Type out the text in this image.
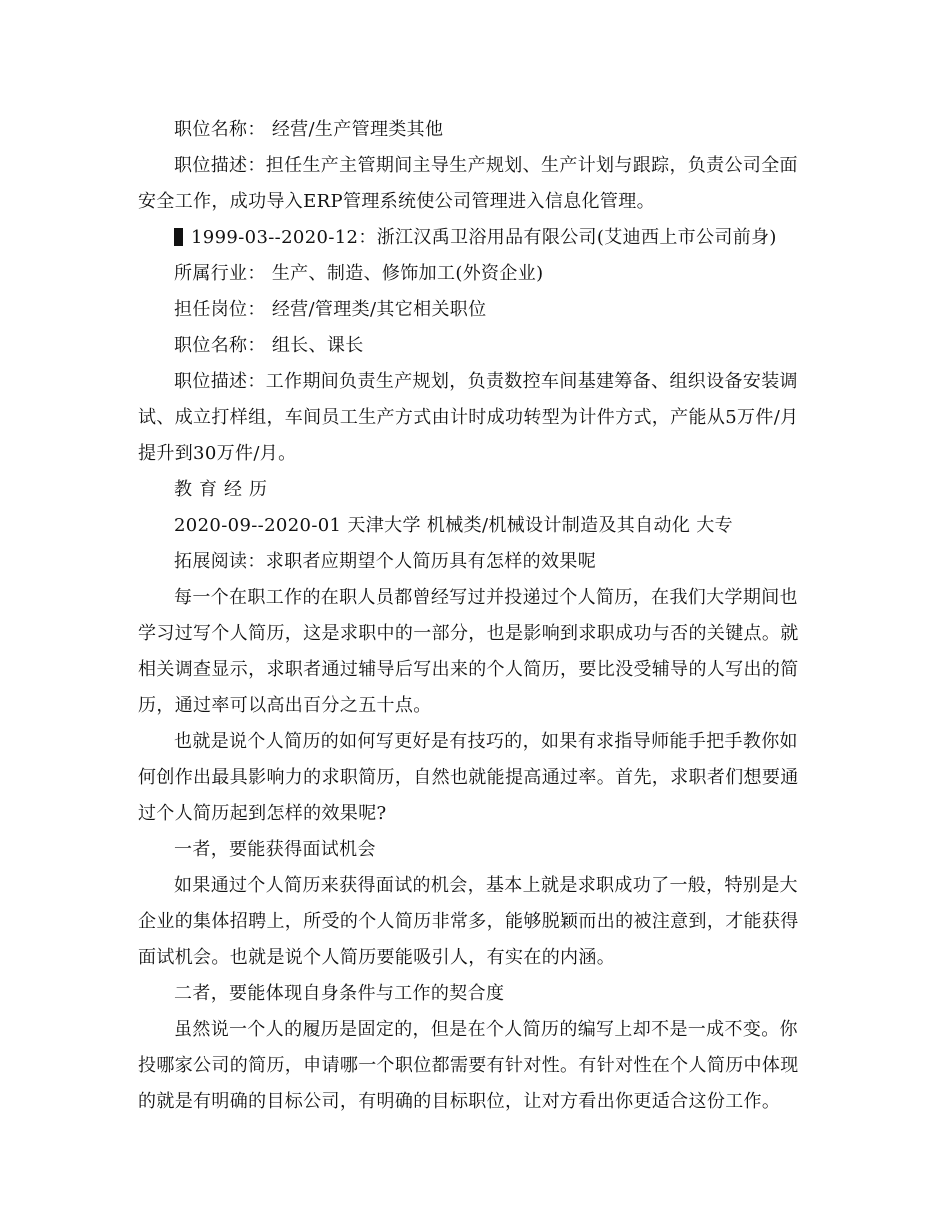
职位名称： 经营/生产管理类其他

职位描述：担任生产主管期间主导生产规划、生产计划与跟踪，负责公司全面安全工作，成功导入ERP管理系统使公司管理进入信息化管理。

1999-03--2020-12：浙江汉禹卫浴用品有限公司(艾迪西上市公司前身)

所属行业： 生产、制造、修饰加工(外资企业)

担任岗位： 经营/管理类/其它相关职位

职位名称： 组长、课长

职位描述：工作期间负责生产规划，负责数控车间基建筹备、组织设备安装调试、成立打样组，车间员工生产方式由计时成功转型为计件方式，产能从5万件/月提升到30万件/月。

教育经历

2020-09--2020-01 天津大学 机械类/机械设计制造及其自动化 大专

拓展阅读：求职者应期望个人简历具有怎样的效果呢

每一个在职工作的在职人员都曾经写过并投递过个人简历，在我们大学期间也学习过写个人简历，这是求职中的一部分，也是影响到求职成功与否的关键点。就相关调查显示，求职者通过辅导后写出来的个人简历，要比没受辅导的人写出的简历，通过率可以高出百分之五十点。

也就是说个人简历的如何写更好是有技巧的，如果有求指导师能手把手教你如何创作出最具影响力的求职简历，自然也就能提高通过率。首先，求职者们想要通过个人简历起到怎样的效果呢?

一者，要能获得面试机会

如果通过个人简历来获得面试的机会，基本上就是求职成功了一般，特别是大企业的集体招聘上，所受的个人简历非常多，能够脱颖而出的被注意到，才能获得面试机会。也就是说个人简历要能吸引人，有实在的内涵。

二者，要能体现自身条件与工作的契合度

虽然说一个人的履历是固定的，但是在个人简历的编写上却不是一成不变。你投哪家公司的简历，申请哪一个职位都需要有针对性。有针对性在个人简历中体现的就是有明确的目标公司，有明确的目标职位，让对方看出你更适合这份工作。
